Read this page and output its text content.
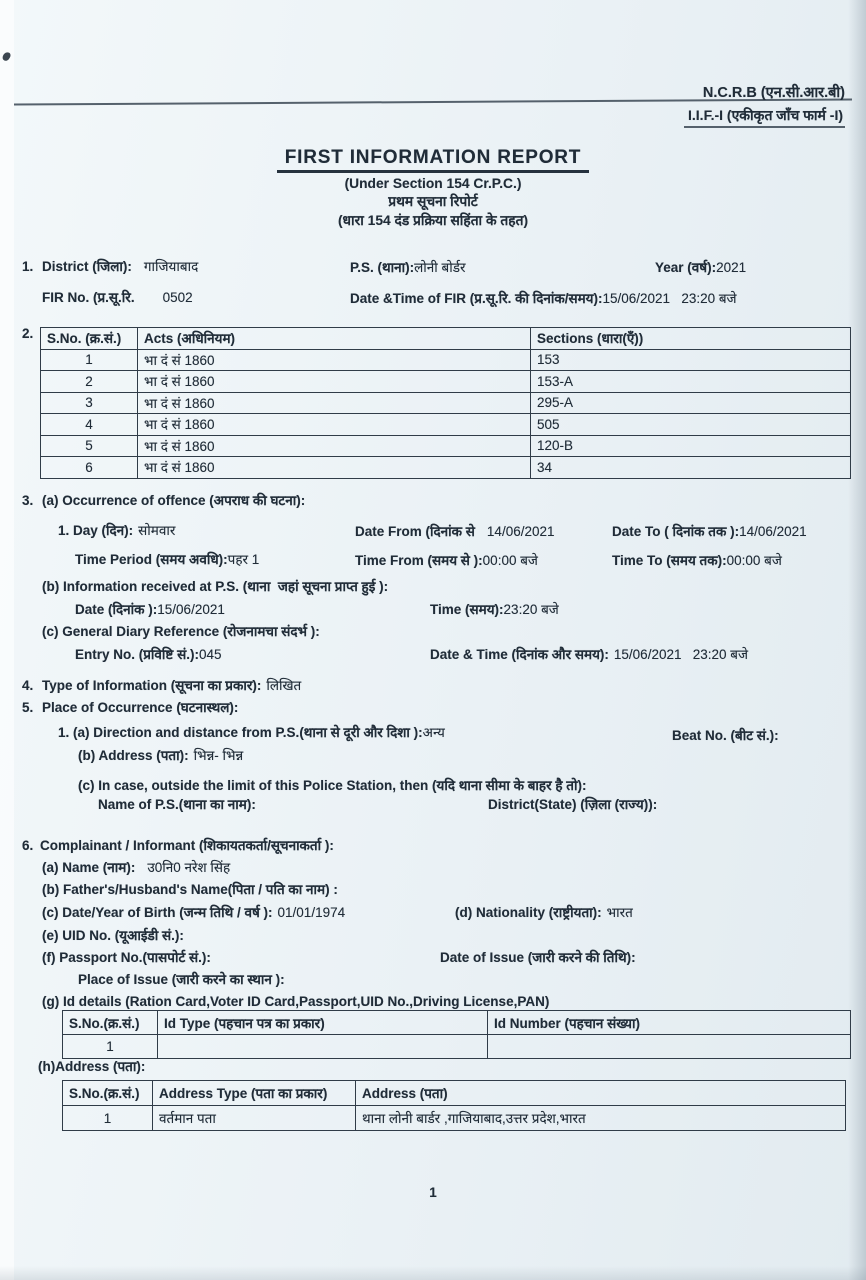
N.C.R.B (एन.सी.आर.बी)
I.I.F.-I (एकीकृत जाँच फार्म -I)
FIRST INFORMATION REPORT
(Under Section 154 Cr.P.C.)
प्रथम सूचना रिपोर्ट
(धारा 154 दंड प्रक्रिया सहिंता के तहत)
1. District (जिला): गाजियाबाद	P.S. (थाना):लोनी बोर्डर	Year (वर्ष):2021
FIR No. (प्र.सू.रि. 0502	Date &Time of FIR (प्र.सू.रि. की दिनांक/समय):15/06/2021   23:20 बजे
2. S.No. (क्र.सं.)	Acts (अधिनियम)	Sections (धारा(एँ))
1	भा दं सं 1860	153
2	भा दं सं 1860	153-A
3	भा दं सं 1860	295-A
4	भा दं सं 1860	505
5	भा दं सं 1860	120-B
6	भा दं सं 1860	34
3. (a) Occurrence of offence (अपराध की घटना):
1. Day (दिन): सोमवार	Date From (दिनांक से 14/06/2021	Date To ( दिनांक तक ):14/06/2021
Time Period (समय अवधि):पहर 1	Time From (समय से ):00:00 बजे	Time To (समय तक):00:00 बजे
(b) Information received at P.S. (थाना  जहां सूचना प्राप्त हुई ):
Date (दिनांक ):15/06/2021	Time (समय):23:20 बजे
(c) General Diary Reference (रोजनामचा संदर्भ ):
Entry No. (प्रविष्टि सं.):045	Date & Time (दिनांक और समय): 15/06/2021   23:20 बजे
4. Type of Information (सूचना का प्रकार): लिखित
5. Place of Occurrence (घटनास्थल):
1. (a) Direction and distance from P.S.(थाना से दूरी और दिशा ):अन्य	Beat No. (बीट सं.):
(b) Address (पता): भिन्न- भिन्न
(c) In case, outside the limit of this Police Station, then (यदि थाना सीमा के बाहर है तो):
Name of P.S.(थाना का नाम):	District(State) (ज़िला (राज्य)):
6. Complainant / Informant (शिकायतकर्ता/सूचनाकर्ता ):
(a) Name (नाम): उ0नि0 नरेश सिंह
(b) Father's/Husband's Name(पिता / पति का नाम) :
(c) Date/Year of Birth (जन्म तिथि / वर्ष ): 01/01/1974	(d) Nationality (राष्ट्रीयता): भारत
(e) UID No. (यूआईडी सं.):
(f) Passport No.(पासपोर्ट सं.):	Date of Issue (जारी करने की तिथि):
Place of Issue (जारी करने का स्थान ):
(g) Id details (Ration Card,Voter ID Card,Passport,UID No.,Driving License,PAN)
S.No.(क्र.सं.)	Id Type (पहचान पत्र का प्रकार)	Id Number (पहचान संख्या)
1		
(h)Address (पता):
S.No.(क्र.सं.)	Address Type (पता का प्रकार)	Address (पता)
1	वर्तमान पता	थाना लोनी बार्डर ,गाजियाबाद,उत्तर प्रदेश,भारत
1
